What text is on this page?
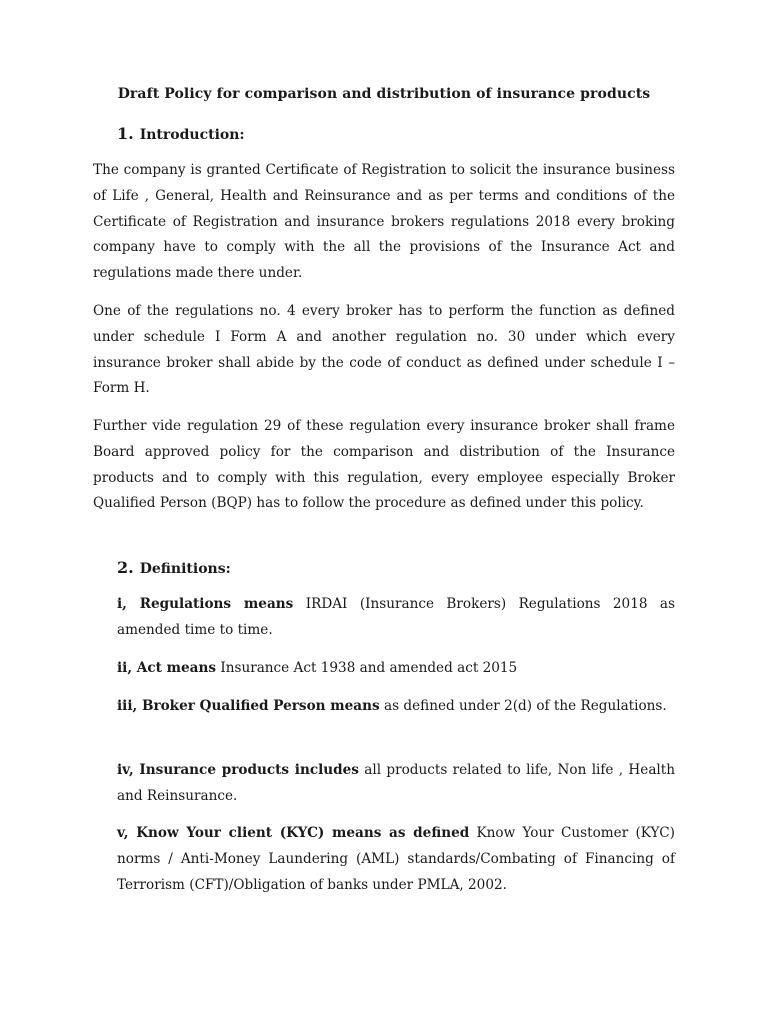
Draft Policy for comparison and distribution of insurance products
1. Introduction:

The company is granted Certificate of Registration to solicit the insurance business of Life , General, Health and Reinsurance and as per terms and conditions of the Certificate of Registration and insurance brokers regulations 2018 every broking company have to comply with the all the provisions of the Insurance Act and regulations made there under.

One of the regulations no. 4 every broker has to perform the function as defined under schedule I Form A and another regulation no. 30 under which every insurance broker shall abide by the code of conduct as defined under schedule I –Form H.

Further vide regulation 29 of these regulation every insurance broker shall frame Board approved policy for the comparison and distribution of the Insurance products and to comply with this regulation, every employee especially Broker Qualified Person (BQP) has to follow the procedure as defined under this policy.

2. Definitions:

i, Regulations means IRDAI (Insurance Brokers) Regulations 2018 as amended time to time.

ii, Act means Insurance Act 1938 and amended act 2015

iii, Broker Qualified Person means as defined under 2(d) of the Regulations.

iv, Insurance products includes all products related to life, Non life , Health and Reinsurance.

v, Know Your client (KYC) means as defined Know Your Customer (KYC) norms / Anti-Money Laundering (AML) standards/Combating of Financing of Terrorism (CFT)/Obligation of banks under PMLA, 2002.
